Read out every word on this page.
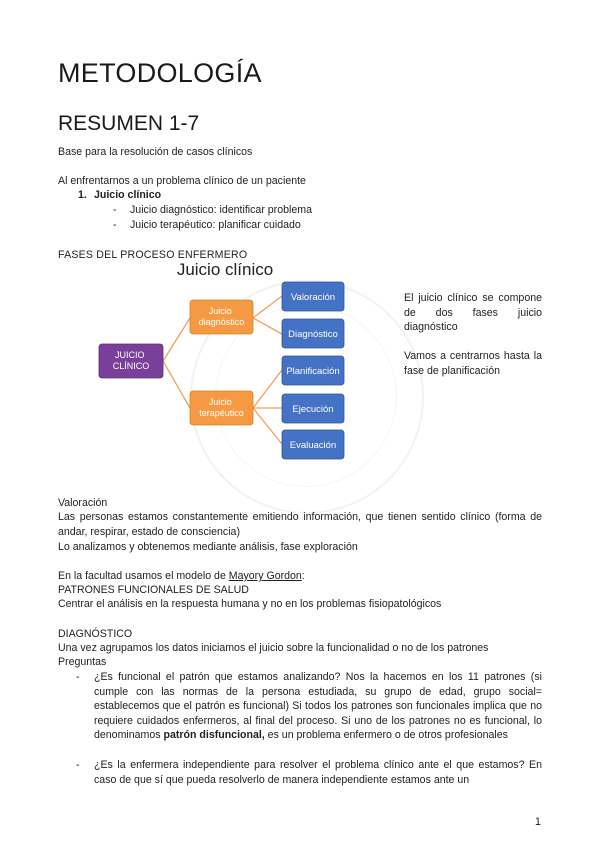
METODOLOGÍA
RESUMEN 1-7
Base para la resolución de casos clínicos
Al enfrentarnos a un problema clínico de un paciente
1. Juicio clínico
- Juicio diagnóstico: identificar problema
- Juicio terapéutico: planificar cuidado
FASES DEL PROCESO ENFERMERO
Juicio clínico
JUICIO CLÍNICO
Juicio diagnóstico
Juicio terapéutico
Valoración
Diagnóstico
Planificación
Ejecución
Evaluación
El juicio clínico se compone de dos fases juicio diagnóstico
Vamos a centrarnos hasta la fase de planificación
Valoración
Las personas estamos constantemente emitiendo información, que tienen sentido clínico (forma de andar, respirar, estado de consciencia)
Lo analizamos y obtenemos mediante análisis, fase exploración
En la facultad usamos el modelo de Mayory Gordon:
PATRONES FUNCIONALES DE SALUD
Centrar el análisis en la respuesta humana y no en los problemas fisiopatológicos
DIAGNÓSTICO
Una vez agrupamos los datos iniciamos el juicio sobre la funcionalidad o no de los patrones
Preguntas
- ¿Es funcional el patrón que estamos analizando? Nos la hacemos en los 11 patrones (si cumple con las normas de la persona estudiada, su grupo de edad, grupo social= establecemos que el patrón es funcional) Si todos los patrones son funcionales implica que no requiere cuidados enfermeros, al final del proceso. Si uno de los patrones no es funcional, lo denominamos patrón disfuncional, es un problema enfermero o de otros profesionales
- ¿Es la enfermera independiente para resolver el problema clínico ante el que estamos? En caso de que sí que pueda resolverlo de manera independiente estamos ante un
1
